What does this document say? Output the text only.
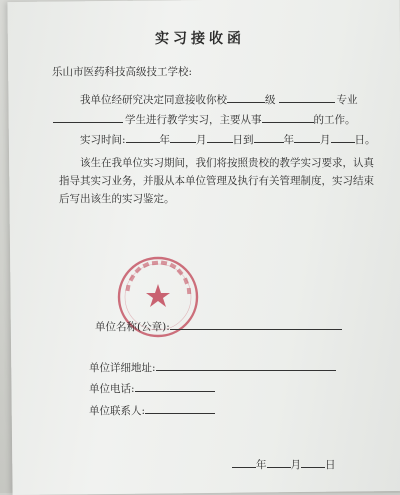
实习接收函
乐山市医药科技高级技工学校:
我单位经研究决定同意接收你校	级	专业
学生进行教学实习，主要从事	的工作。
实习时间:	年 月 日到	年 月 日。
该生在我单位实习期间，我们将按照贵校的教学实习要求，认真
指导其实习业务，并服从本单位管理及执行有关管理制度，实习结束
后写出该生的实习鉴定。
单位名称(公章):
单位详细地址:
单位电话:
单位联系人:
年 月 日
